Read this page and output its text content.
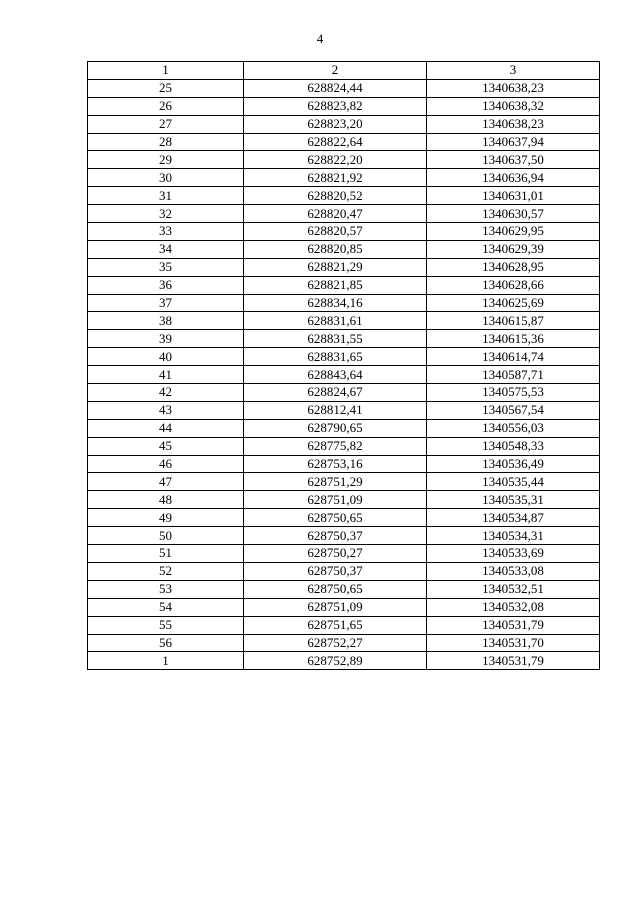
4
1	2	3
25	628824,44	1340638,23
26	628823,82	1340638,32
27	628823,20	1340638,23
28	628822,64	1340637,94
29	628822,20	1340637,50
30	628821,92	1340636,94
31	628820,52	1340631,01
32	628820,47	1340630,57
33	628820,57	1340629,95
34	628820,85	1340629,39
35	628821,29	1340628,95
36	628821,85	1340628,66
37	628834,16	1340625,69
38	628831,61	1340615,87
39	628831,55	1340615,36
40	628831,65	1340614,74
41	628843,64	1340587,71
42	628824,67	1340575,53
43	628812,41	1340567,54
44	628790,65	1340556,03
45	628775,82	1340548,33
46	628753,16	1340536,49
47	628751,29	1340535,44
48	628751,09	1340535,31
49	628750,65	1340534,87
50	628750,37	1340534,31
51	628750,27	1340533,69
52	628750,37	1340533,08
53	628750,65	1340532,51
54	628751,09	1340532,08
55	628751,65	1340531,79
56	628752,27	1340531,70
1	628752,89	1340531,79
